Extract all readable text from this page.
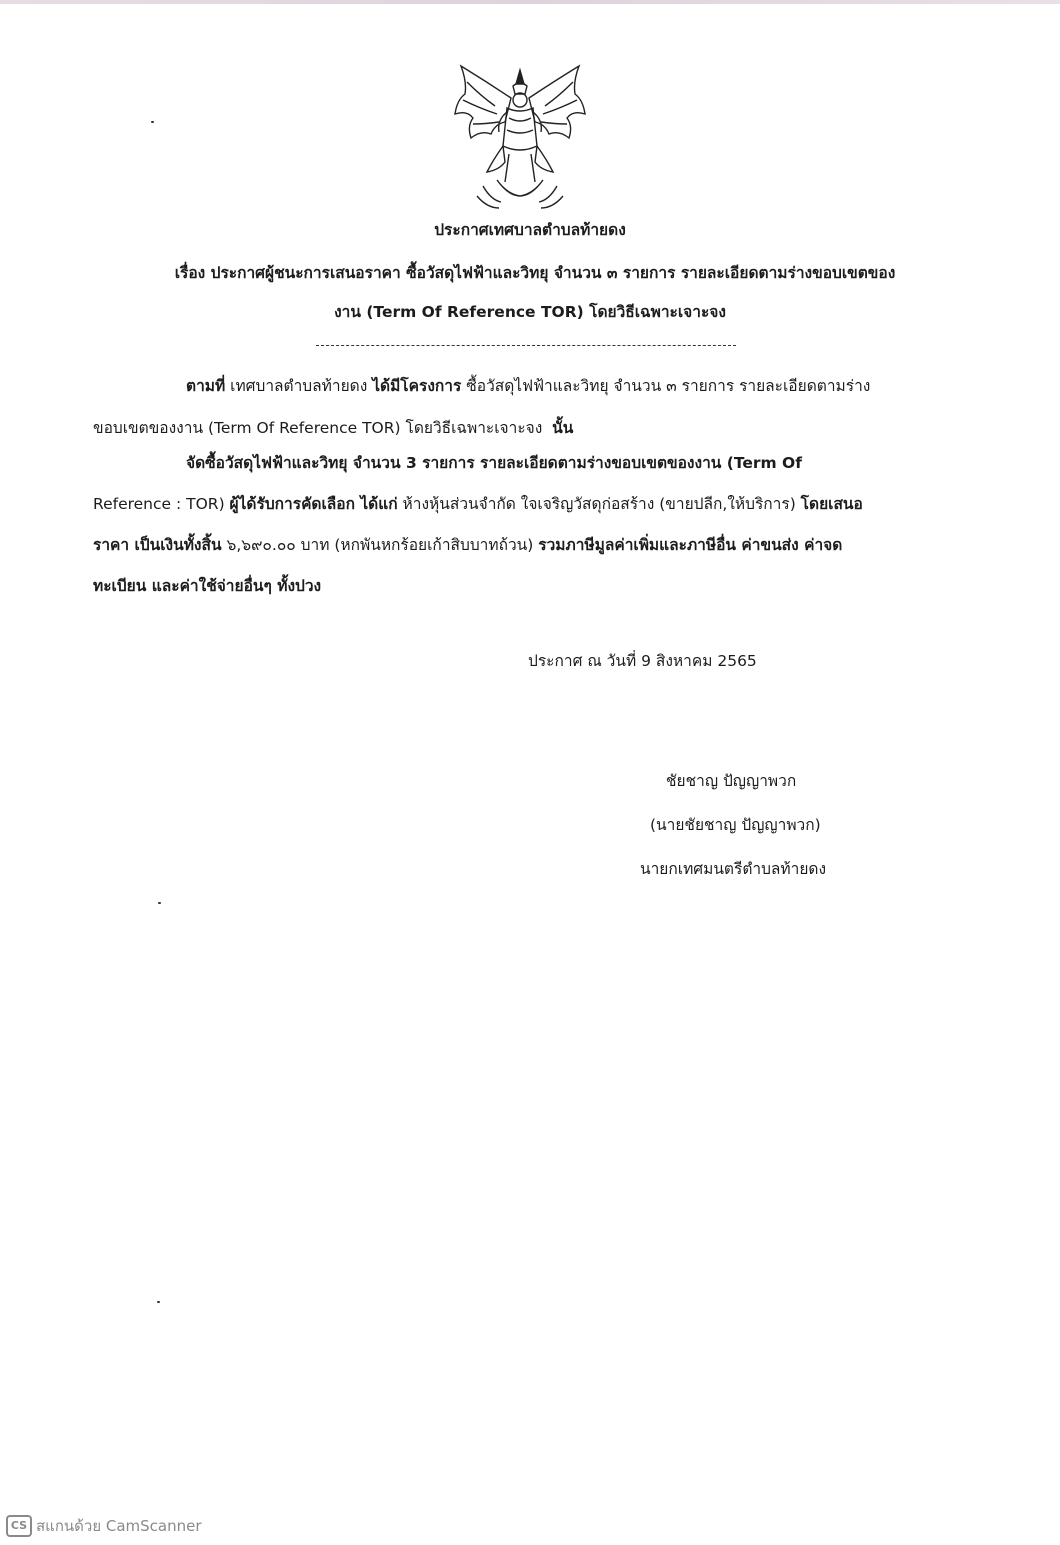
ประกาศเทศบาลตำบลท้ายดง
เรื่อง ประกาศผู้ชนะการเสนอราคา ซื้อวัสดุไฟฟ้าและวิทยุ จำนวน ๓ รายการ รายละเอียดตามร่างขอบเขตของ
งาน (Term Of Reference TOR) โดยวิธีเฉพาะเจาะจง
ตามที่ เทศบาลตำบลท้ายดง ได้มีโครงการ ซื้อวัสดุไฟฟ้าและวิทยุ จำนวน ๓ รายการ รายละเอียดตามร่าง
ขอบเขตของงาน (Term Of Reference TOR) โดยวิธีเฉพาะเจาะจง นั้น
จัดซื้อวัสดุไฟฟ้าและวิทยุ จำนวน 3 รายการ รายละเอียดตามร่างขอบเขตของงาน (Term Of
Reference : TOR) ผู้ได้รับการคัดเลือก ได้แก่ ห้างหุ้นส่วนจำกัด ใจเจริญวัสดุก่อสร้าง (ขายปลีก,ให้บริการ) โดยเสนอ
ราคา เป็นเงินทั้งสิ้น ๖,๖๙๐.๐๐ บาท (หกพันหกร้อยเก้าสิบบาทถ้วน) รวมภาษีมูลค่าเพิ่มและภาษีอื่น ค่าขนส่ง ค่าจด
ทะเบียน และค่าใช้จ่ายอื่นๆ ทั้งปวง
ประกาศ ณ วันที่ 9 สิงหาคม 2565
ชัยชาญ ปัญญาพวก
(นายชัยชาญ ปัญญาพวก)
นายกเทศมนตรีตำบลท้ายดง
CS สแกนด้วย CamScanner
